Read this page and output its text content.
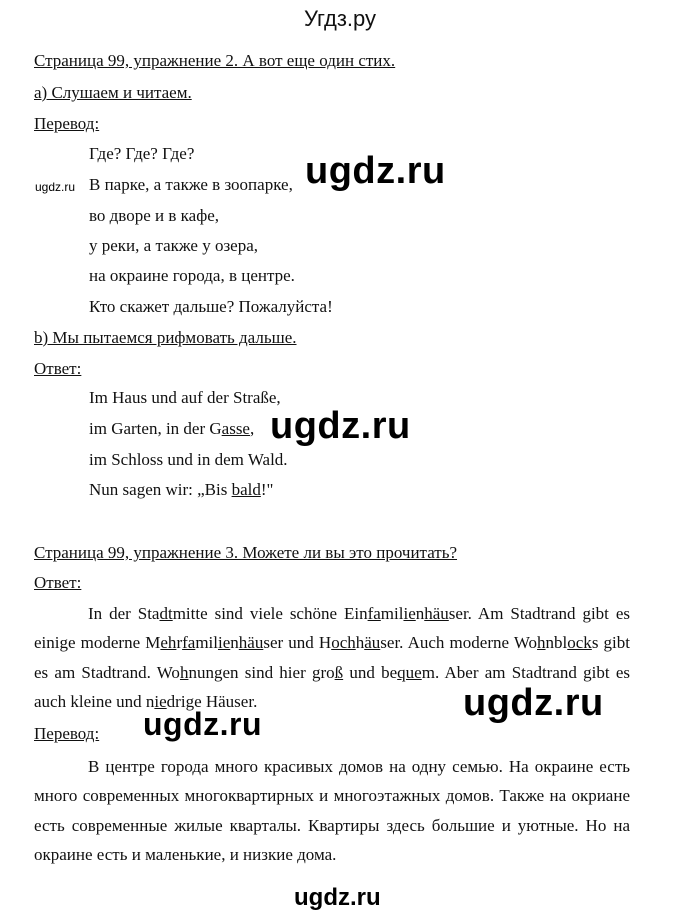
Угдз.ру
Страница 99, упражнение 2. А вот еще один стих.
а) Слушаем и читаем.
Перевод:
Где? Где? Где?
В парке, а также в зоопарке,
во дворе и в кафе,
у реки, а также у озера,
на окраине города, в центре.
Кто скажет дальше? Пожалуйста!
b) Мы пытаемся рифмовать дальше.
Ответ:
Im Haus und auf der Straße,
im Garten, in der Gasse,
im Schloss und in dem Wald.
Nun sagen wir: „Bis bald!"
Страница 99, упражнение 3. Можете ли вы это прочитать?
Ответ:
In der Stadtmitte sind viele schöne Einfamilienhäuser. Am Stadtrand gibt es einige moderne Mehrfamilienhäuser und Hochhäuser. Auch moderne Wohnblocks gibt es am Stadtrand. Wohnungen sind hier groß und bequem. Aber am Stadtrand gibt es auch kleine und niedrige Häuser.
Перевод:
В центре города много красивых домов на одну семью. На окраине есть много современных многоквартирных и многоэтажных домов. Также на окриане есть современные жилые кварталы. Квартиры здесь большие и уютные. Но на окраине есть и маленькие, и низкие дома.
ugdz.ru	ugdz.ru
ugdz.ru
ugdz.ru
ugdz.ru
ugdz.ru
